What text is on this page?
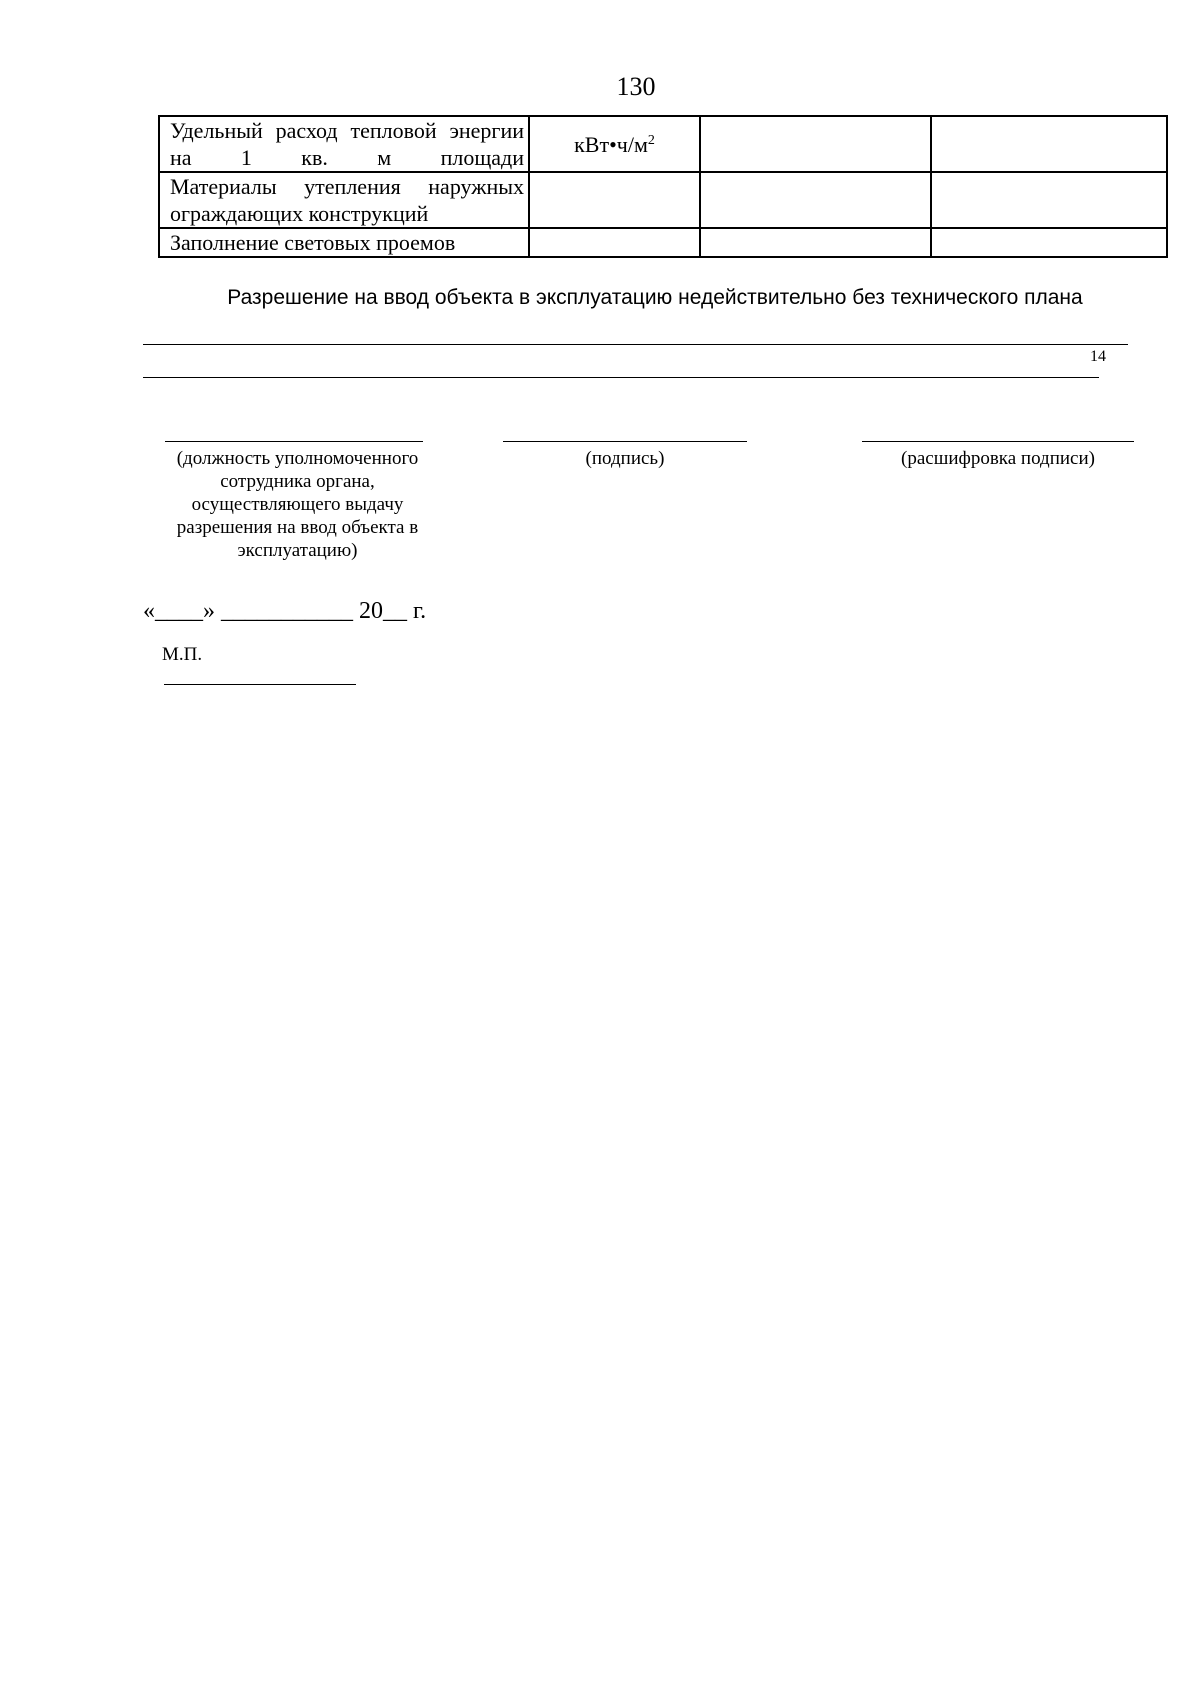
130
Удельный расход тепловой энергии на 1 кв. м площади	$кВт•ч/м^2$		
Материалы утепления наружных ограждающих конструкций			
Заполнение световых проемов			
Разрешение на ввод объекта в эксплуатацию недействительно без технического плана
14
(должность уполномоченного сотрудника органа, осуществляющего выдачу разрешения на ввод объекта в эксплуатацию)
(подпись)	(расшифровка подписи)
«____» ___________ 20__ г.
М.П.
